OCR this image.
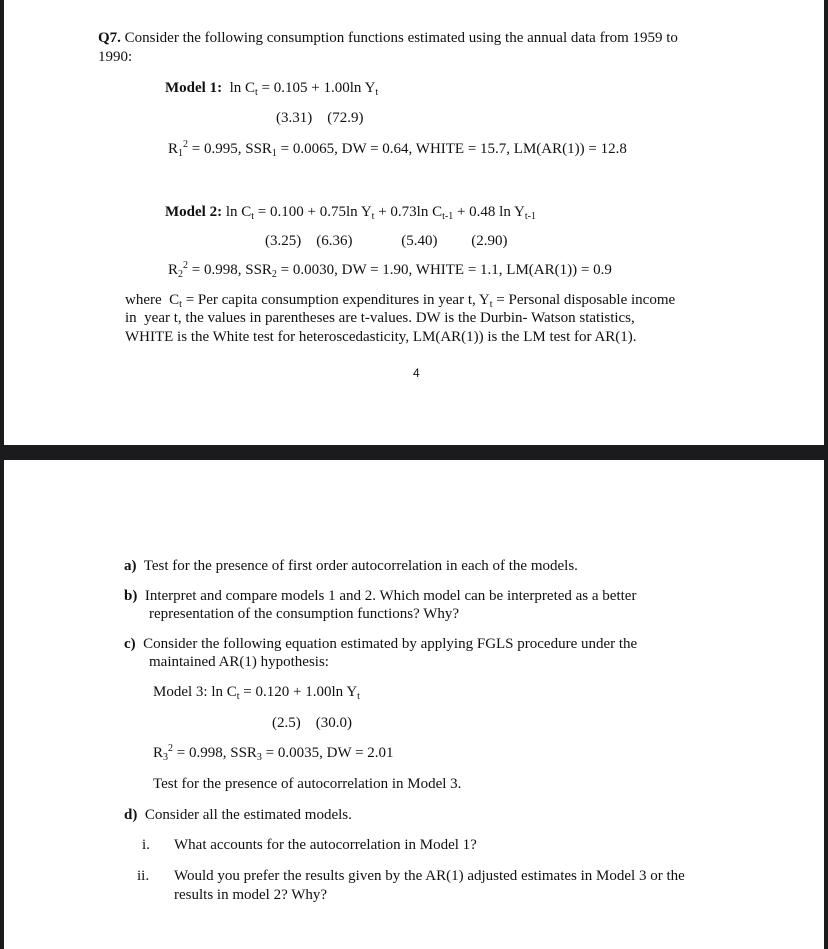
Q7. Consider the following consumption functions estimated using the annual data from 1959 to
1990:
Model 1:  $\ln C_t = 0.105 + 1.00\ln$ $Y_t$
(3.31)    (72.9)
$R_1^2 = 0.995$, $SSR_1 = 0.0065$, DW = 0.64, WHITE = 15.7, LM(AR(1)) = 12.8
Model 2: $\ln C_t = 0.100 + 0.75\ln$ $Y_t + 0.73\ln$ $C_{t-1} + 0.48$ $\ln Y_{t-1}$
(3.25)    (6.36)             (5.40)         (2.90)
$R_2^2 = 0.998$, $SSR_2 = 0.0030$, DW = 1.90, WHITE = 1.1, LM(AR(1)) = 0.9
where  $C_t$ = Per capita consumption expenditures in year t, $Y_t$ = Personal disposable income
in  year t, the values in parentheses are t-values. DW is the Durbin- Watson statistics,
WHITE is the White test for heteroscedasticity, LM(AR(1)) is the LM test for AR(1).
4
a)  Test for the presence of first order autocorrelation in each of the models.
b)  Interpret and compare models 1 and 2. Which model can be interpreted as a better
representation of the consumption functions? Why?
c)  Consider the following equation estimated by applying FGLS procedure under the
maintained AR(1) hypothesis:
Model 3: $\ln C_t = 0.120 + 1.00\ln$ $Y_t$
(2.5)    (30.0)
$R_3^2 = 0.998$, $SSR_3 = 0.0035$, DW = 2.01
Test for the presence of autocorrelation in Model 3.
d)  Consider all the estimated models.
i. What accounts for the autocorrelation in Model 1?
ii. Would you prefer the results given by the AR(1) adjusted estimates in Model 3 or the
results in model 2? Why?
